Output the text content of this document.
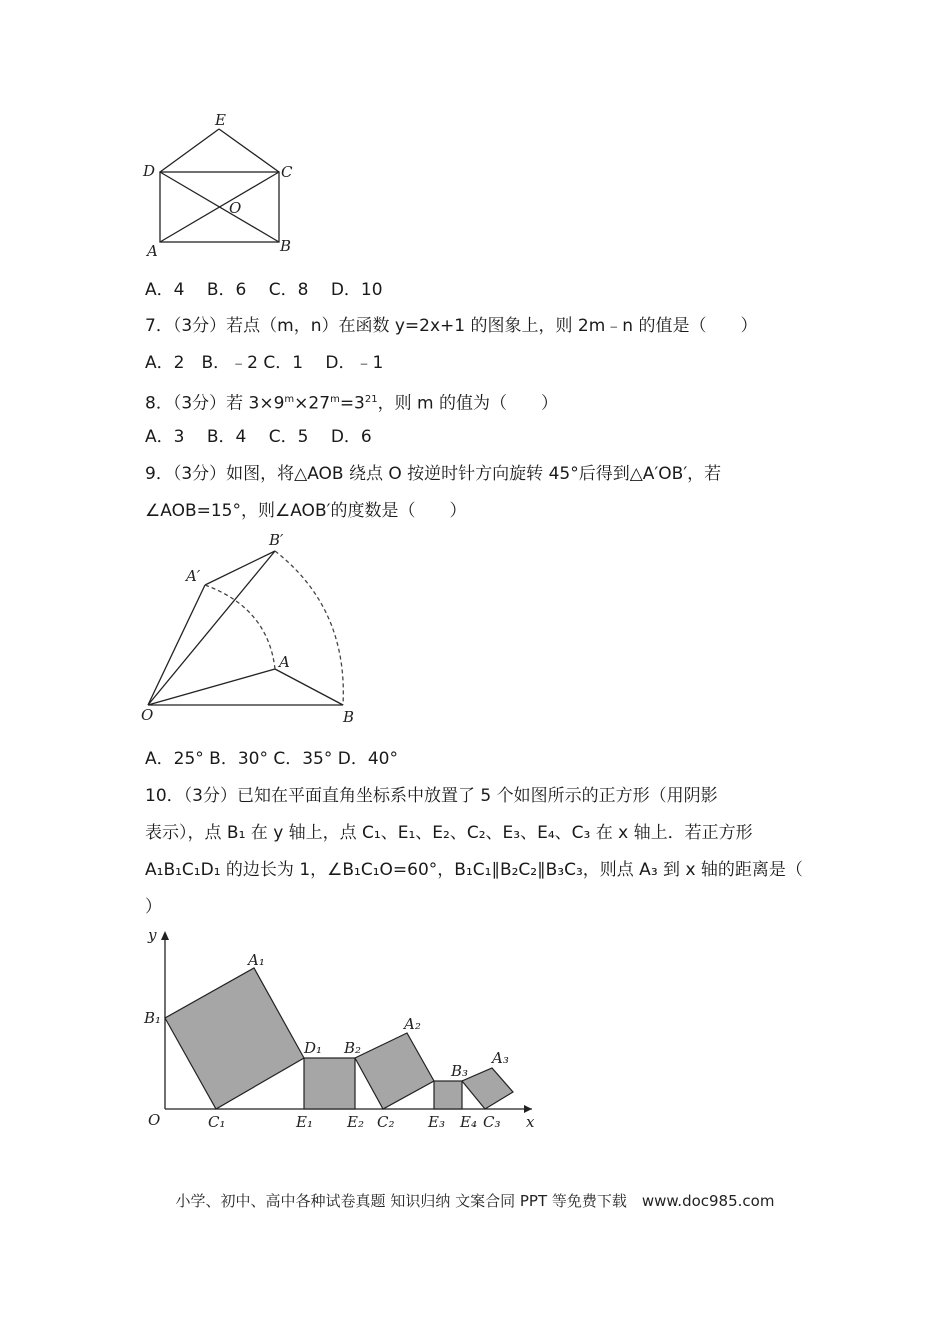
E
D	C
O
A	B
A．4　 B．6　 C．8　 D．10
7．（3分）若点（m，n）在函数 y=2x+1 的图象上，则 2m﹣n 的值是（　　）
A．2　B．﹣2 C．1　 D．﹣1
8．（3分）若 $3\times 9^m\times 27^m=3^{21}$，则 m 的值为（　　）
A．3　 B．4　 C．5　 D．6
9．（3分）如图，将△AOB 绕点 O 按逆时针方向旋转 45°后得到△A′OB′，若
∠AOB=15°，则∠AOB′的度数是（　　）
B′
A′
A
O	B
A．25° B．30° C．35° D．40°
10．（3分）已知在平面直角坐标系中放置了 5 个如图所示的正方形（用阴影
表示），点 B₁ 在 y 轴上，点 C₁、E₁、E₂、C₂、E₃、E₄、C₃ 在 x 轴上．若正方形
A₁B₁C₁D₁ 的边长为 1，∠B₁C₁O=60°，B₁C₁∥B₂C₂∥B₃C₃，则点 A₃ 到 x 轴的距离是（
）
y
x
O
A₁
B₁
C₁
D₁
E₁
B₂
A₂
E₂ C₂
B₃
A₃
E₃ E₄ C₃
小学、初中、高中各种试卷真题 知识归纳 文案合同 PPT 等免费下载　www.doc985.com
